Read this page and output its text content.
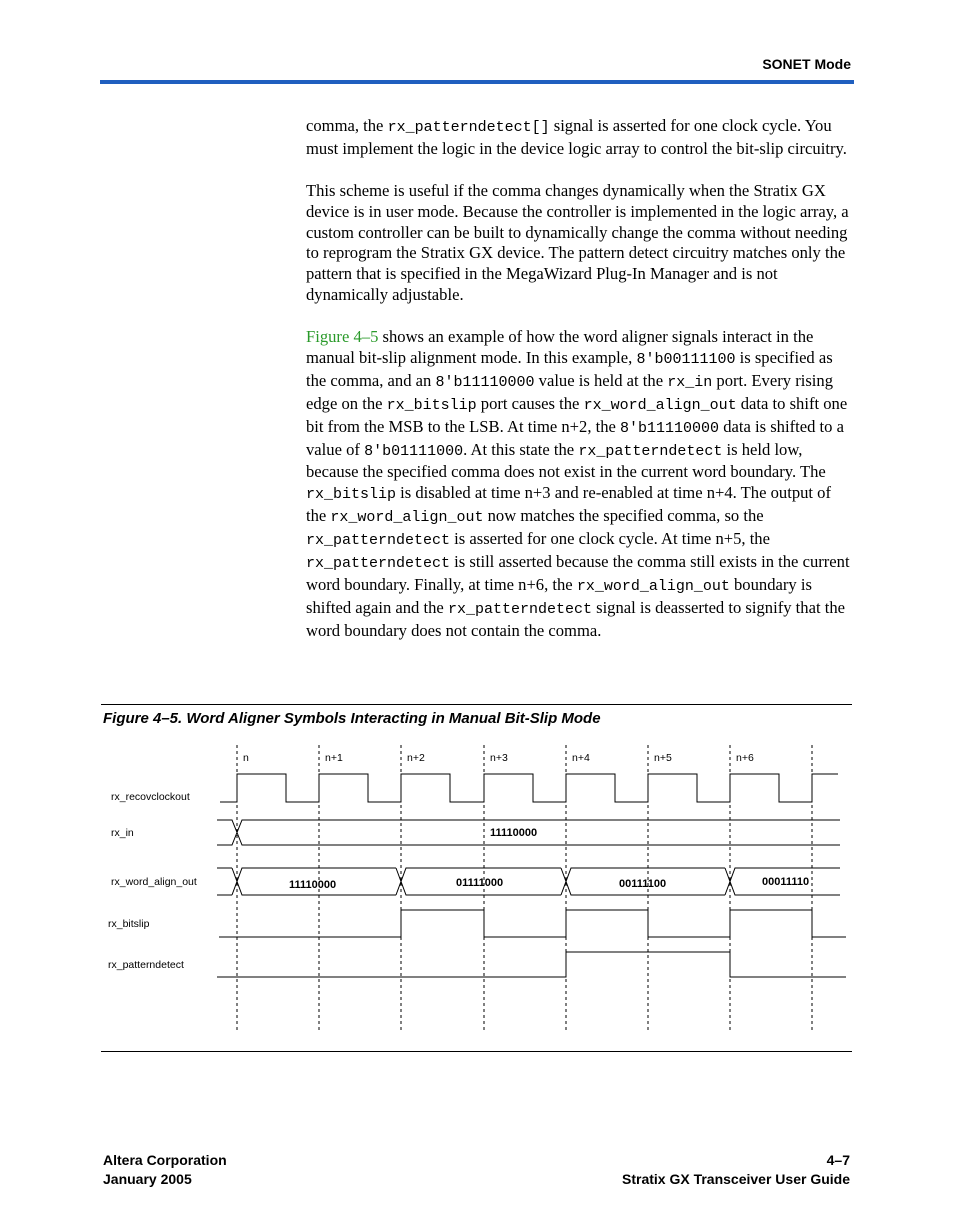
SONET Mode

comma, the rx_patterndetect[] signal is asserted for one clock cycle. You must implement the logic in the device logic array to control the bit-slip circuitry.

This scheme is useful if the comma changes dynamically when the Stratix GX device is in user mode. Because the controller is implemented in the logic array, a custom controller can be built to dynamically change the comma without needing to reprogram the Stratix GX device. The pattern detect circuitry matches only the pattern that is specified in the MegaWizard Plug-In Manager and is not dynamically adjustable.

Figure 4–5 shows an example of how the word aligner signals interact in the manual bit-slip alignment mode. In this example, 8'b00111100 is specified as the comma, and an 8'b11110000 value is held at the rx_in port. Every rising edge on the rx_bitslip port causes the rx_word_align_out data to shift one bit from the MSB to the LSB. At time n+2, the 8'b11110000 data is shifted to a value of 8'b01111000. At this state the rx_patterndetect is held low, because the specified comma does not exist in the current word boundary. The rx_bitslip is disabled at time n+3 and re-enabled at time n+4. The output of the rx_word_align_out now matches the specified comma, so the rx_patterndetect is asserted for one clock cycle. At time n+5, the rx_patterndetect is still asserted because the comma still exists in the current word boundary. Finally, at time n+6, the rx_word_align_out boundary is shifted again and the rx_patterndetect signal is deasserted to signify that the word boundary does not contain the comma.

Figure 4–5. Word Aligner Symbols Interacting in Manual Bit-Slip Mode
n	n+1	n+2	n+3	n+4	n+5	n+6
rx_recovclockout
rx_in
rx_word_align_out
rx_bitslip
rx_patterndetect
11110000
11110000	01111000	00111100	00011110
Altera Corporation
January 2005
4–7
Stratix GX Transceiver User Guide
